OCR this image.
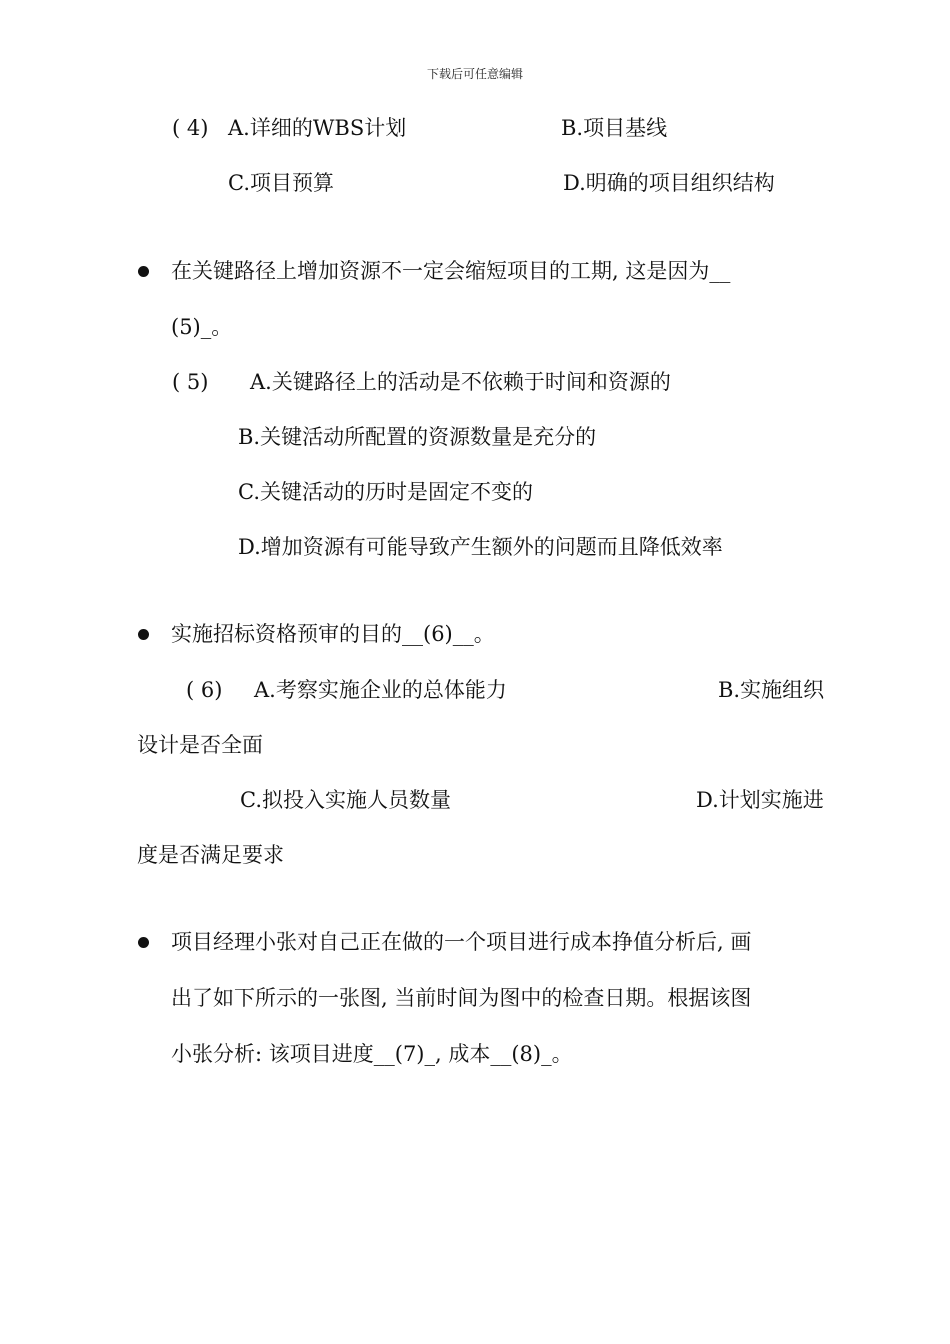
下载后可任意编辑
( 4) A.详细的WBS计划	B.项目基线
C.项目预算	D.明确的项目组织结构
在关键路径上增加资源不一定会缩短项目的工期, 这是因为__
(5)_。
( 5) A.关键路径上的活动是不依赖于时间和资源的
B.关键活动所配置的资源数量是充分的
C.关键活动的历时是固定不变的
D.增加资源有可能导致产生额外的问题而且降低效率
实施招标资格预审的目的__(6)__。
( 6) A.考察实施企业的总体能力	B.实施组织
设计是否全面
C.拟投入实施人员数量	D.计划实施进
度是否满足要求
项目经理小张对自己正在做的一个项目进行成本挣值分析后, 画
出了如下所示的一张图, 当前时间为图中的检查日期。根据该图
小张分析: 该项目进度__(7)_, 成本__(8)_。
